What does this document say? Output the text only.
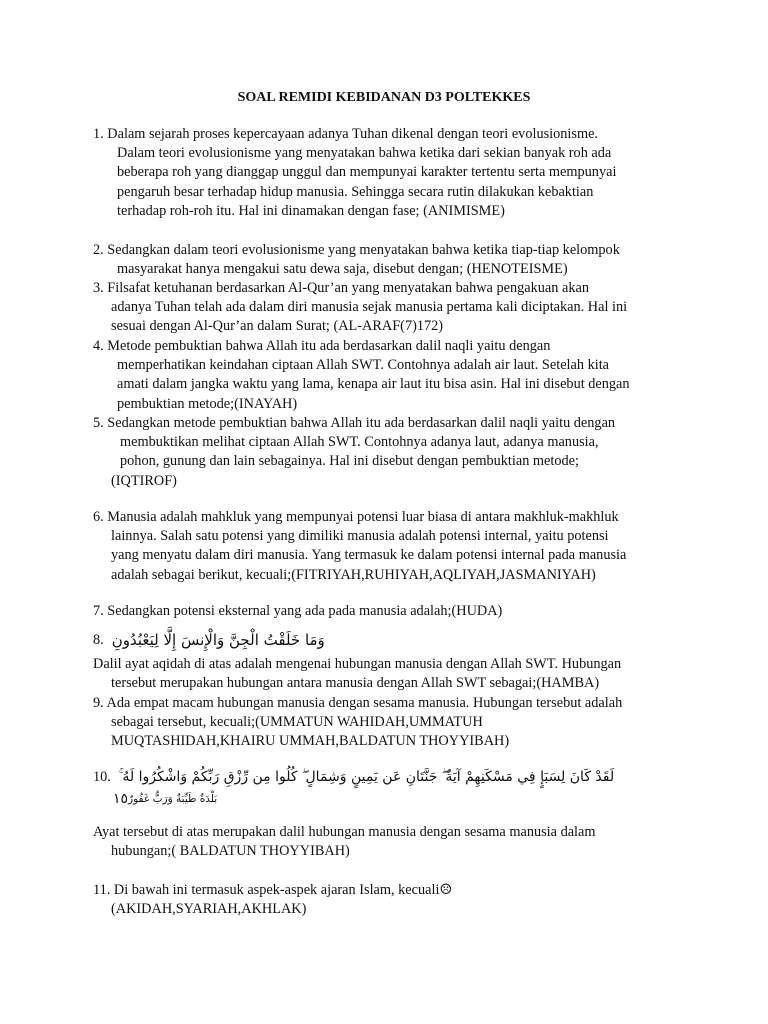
SOAL REMIDI KEBIDANAN D3 POLTEKKES
1. Dalam sejarah proses kepercayaan adanya Tuhan dikenal dengan teori evolusionisme.
Dalam teori evolusionisme yang menyatakan bahwa ketika dari sekian banyak roh ada
beberapa roh yang dianggap unggul dan mempunyai karakter tertentu serta mempunyai
pengaruh besar terhadap hidup manusia. Sehingga secara rutin dilakukan kebaktian
terhadap roh-roh itu. Hal ini dinamakan dengan fase; (ANIMISME)
2. Sedangkan dalam teori evolusionisme yang menyatakan bahwa ketika tiap-tiap kelompok
masyarakat hanya mengakui satu dewa saja, disebut dengan; (HENOTEISME)
3. Filsafat ketuhanan berdasarkan Al-Qur’an yang menyatakan bahwa pengakuan akan
adanya Tuhan telah ada dalam diri manusia sejak manusia pertama kali diciptakan. Hal ini
sesuai dengan Al-Qur’an dalam Surat; (AL-ARAF(7)172)
4. Metode pembuktian bahwa Allah itu ada berdasarkan dalil naqli yaitu dengan
memperhatikan keindahan ciptaan Allah SWT. Contohnya adalah air laut. Setelah kita
amati dalam jangka waktu yang lama, kenapa air laut itu bisa asin. Hal ini disebut dengan
pembuktian metode;(INAYAH)
5. Sedangkan metode pembuktian bahwa Allah itu ada berdasarkan dalil naqli yaitu dengan
membuktikan melihat ciptaan Allah SWT. Contohnya adanya laut, adanya manusia,
pohon, gunung dan lain sebagainya. Hal ini disebut dengan pembuktian metode;
(IQTIROF)
6. Manusia adalah mahkluk yang mempunyai potensi luar biasa di antara makhluk-makhluk
lainnya. Salah satu potensi yang dimiliki manusia adalah potensi internal, yaitu potensi
yang menyatu dalam diri manusia. Yang termasuk ke dalam potensi internal pada manusia
adalah sebagai berikut, kecuali;(FITRIYAH,RUHIYAH,AQLIYAH,JASMANIYAH)
7. Sedangkan potensi eksternal yang ada pada manusia adalah;(HUDA)
8. وَمَا خَلَقْتُ الْجِنَّ وَالْإِنسَ إِلَّا لِيَعْبُدُونِ
Dalil ayat aqidah di atas adalah mengenai hubungan manusia dengan Allah SWT. Hubungan
tersebut merupakan hubungan antara manusia dengan Allah SWT sebagai;(HAMBA)
9. Ada empat macam hubungan manusia dengan sesama manusia. Hubungan tersebut adalah
sebagai tersebut, kecuali;(UMMATUN WAHIDAH,UMMATUH
MUQTASHIDAH,KHAIRU UMMAH,BALDATUN THOYYIBAH)
10. لَقَدْ كَانَ لِسَبَإٍ فِي مَسْكَنِهِمْ آيَةٌ ۖ جَنَّتَانِ عَن يَمِينٍ وَشِمَالٍ ۖ كُلُوا مِن رِّزْقِ رَبِّكُمْ وَاشْكُرُوا لَهُ ۚ
١٥ بَلْدَةٌ طَيِّبَةٌ وَرَبٌّ غَفُورٌ
Ayat tersebut di atas merupakan dalil hubungan manusia dengan sesama manusia dalam
hubungan;( BALDATUN THOYYIBAH)
11. Di bawah ini termasuk aspek-aspek ajaran Islam, kecuali☹
(AKIDAH,SYARIAH,AKHLAK)
